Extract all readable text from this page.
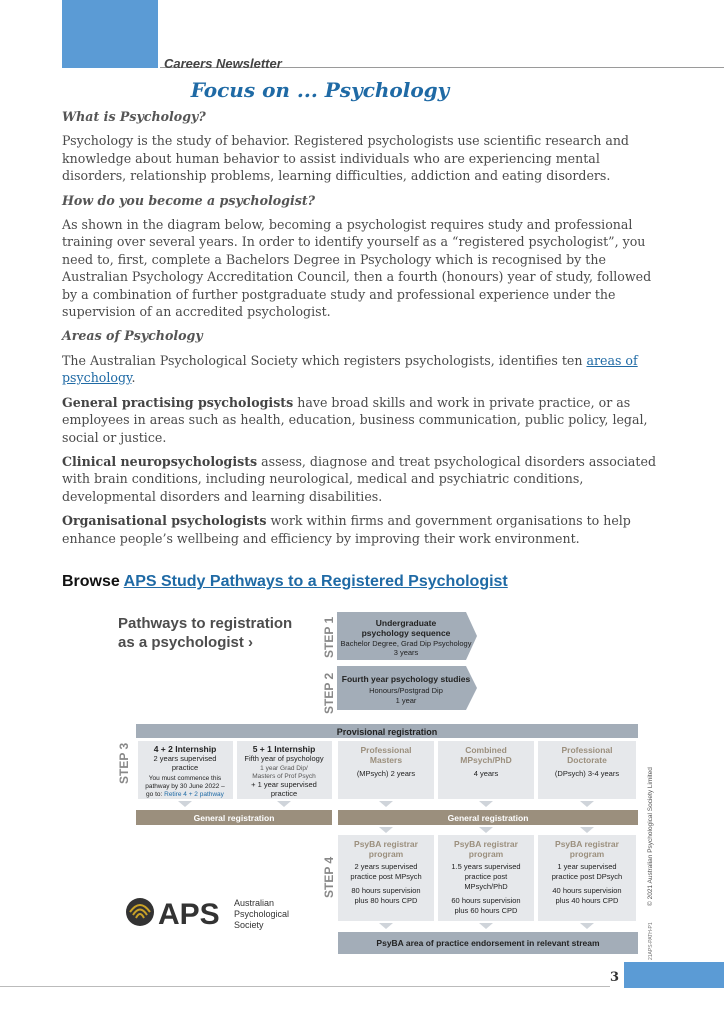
Careers Newsletter
Focus on ... Psychology
What is Psychology?

Psychology is the study of behavior. Registered psychologists use scientific research and knowledge about human behavior to assist individuals who are experiencing mental disorders, relationship problems, learning difficulties, addiction and eating disorders.

How do you become a psychologist?

As shown in the diagram below, becoming a psychologist requires study and professional training over several years. In order to identify yourself as a “registered psychologist”, you need to, first, complete a Bachelors Degree in Psychology which is recognised by the Australian Psychology Accreditation Council, then a fourth (honours) year of study, followed by a combination of further postgraduate study and professional experience under the supervision of an accredited psychologist.

Areas of Psychology

The Australian Psychological Society which registers psychologists, identifies ten areas of psychology.

General practising psychologists have broad skills and work in private practice, or as employees in areas such as health, education, business communication, public policy, legal, social or justice.

Clinical neuropsychologists assess, diagnose and treat psychological disorders associated with brain conditions, including neurological, medical and psychiatric conditions, developmental disorders and learning disabilities.

Organisational psychologists work within firms and government organisations to help enhance people’s wellbeing and efficiency by improving their work environment.

Browse APS Study Pathways to a Registered Psychologist
Pathways to registration
as a psychologist ›	STEP 1
STEP 2
STEP 3
STEP 4
Undergraduate
psychology sequence
Bachelor Degree, Grad Dip Psychology
3 years
Fourth year psychology studies
Honours/Postgrad Dip
1 year
Provisional registration
4 + 2 Internship
2 years supervised
practice
You must commence this
pathway by 30 June 2022 –
go to: Retire 4 + 2 pathway
5 + 1 Internship
Fifth year of psychology
1 year Grad Dip/
Masters of Prof Psych
+ 1 year supervised
practice
Professional
Masters
(MPsych) 2 years
Combined
MPsych/PhD
4 years
Professional
Doctorate
(DPsych) 3-4 years
General registration	General registration
PsyBA registrar
program
2 years supervised
practice post MPsych
80 hours supervision
plus 80 hours CPD
PsyBA registrar
program
1.5 years supervised
practice post
MPsych/PhD
60 hours supervision
plus 60 hours CPD
PsyBA registrar
program
1 year supervised
practice post DPsych
40 hours supervision
plus 40 hours CPD
PsyBA area of practice endorsement in relevant stream
APS Australian
Psychological
Society
© 2021 Australian Psychological Society Limited
21APS-PATH-P1
3
